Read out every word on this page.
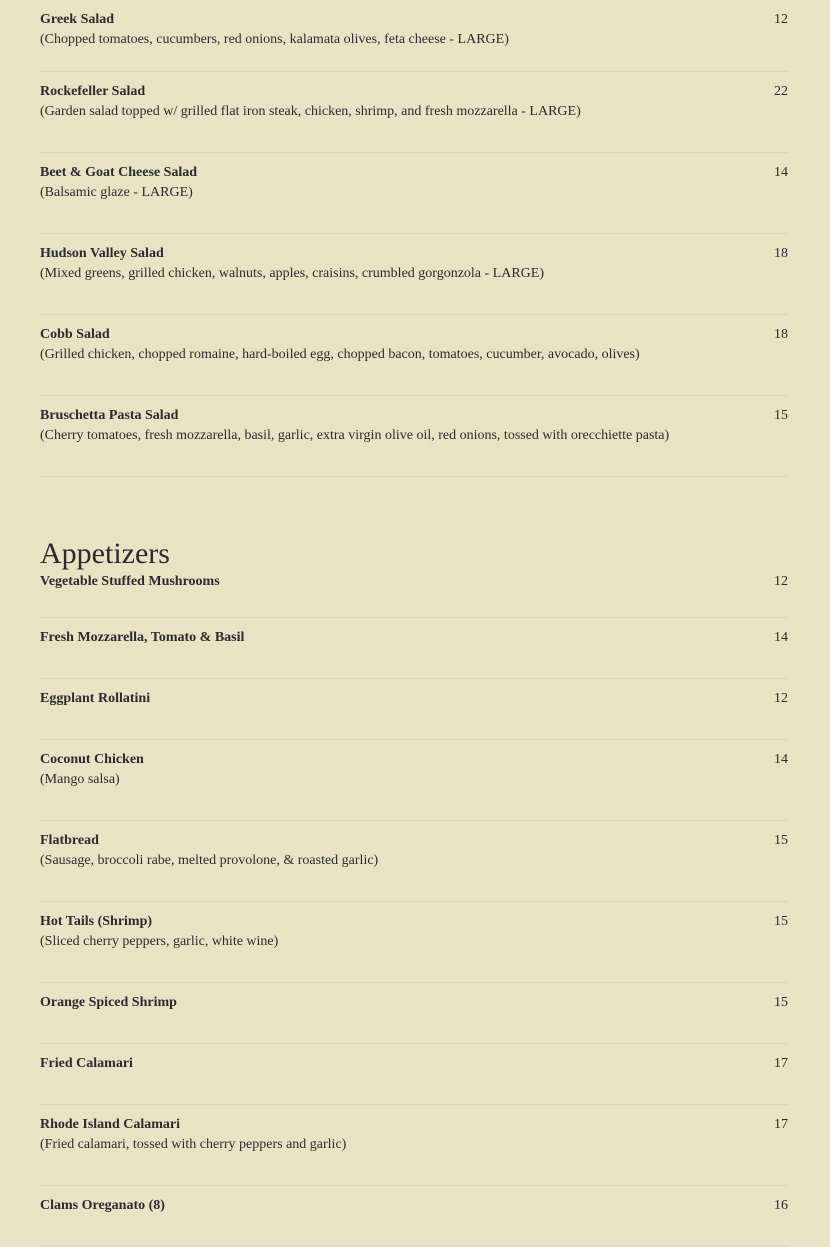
Greek Salad	12
(Chopped tomatoes, cucumbers, red onions, kalamata olives, feta cheese - LARGE)
Rockefeller Salad	22
(Garden salad topped w/ grilled flat iron steak, chicken, shrimp, and fresh mozzarella - LARGE)
Beet & Goat Cheese Salad	14
(Balsamic glaze - LARGE)
Hudson Valley Salad	18
(Mixed greens, grilled chicken, walnuts, apples, craisins, crumbled gorgonzola - LARGE)
Cobb Salad	18
(Grilled chicken, chopped romaine, hard-boiled egg, chopped bacon, tomatoes, cucumber, avocado, olives)
Bruschetta Pasta Salad	15
(Cherry tomatoes, fresh mozzarella, basil, garlic, extra virgin olive oil, red onions, tossed with orecchiette pasta)
Appetizers
Vegetable Stuffed Mushrooms	12
Fresh Mozzarella, Tomato & Basil	14
Eggplant Rollatini	12
Coconut Chicken	14
(Mango salsa)
Flatbread	15
(Sausage, broccoli rabe, melted provolone, & roasted garlic)
Hot Tails (Shrimp)	15
(Sliced cherry peppers, garlic, white wine)
Orange Spiced Shrimp	15
Fried Calamari	17
Rhode Island Calamari	17
(Fried calamari, tossed with cherry peppers and garlic)
Clams Oreganato (8)	16
